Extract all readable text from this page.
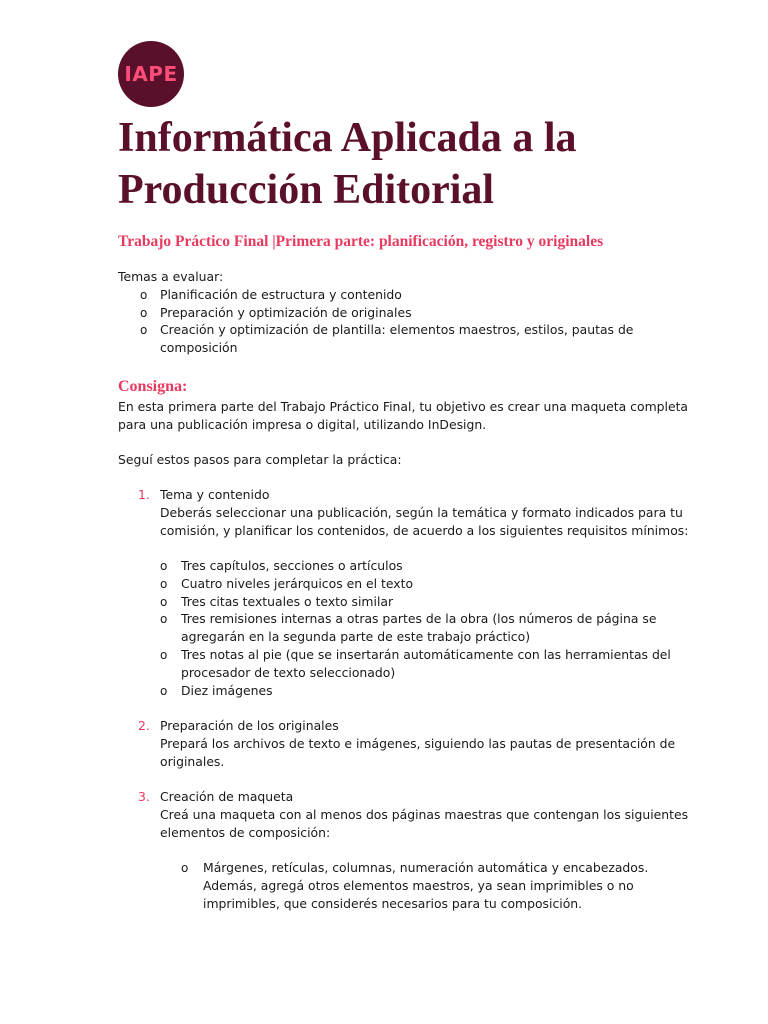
IAPE
Informática Aplicada a la Producción Editorial
Trabajo Práctico Final |Primera parte: planificación, registro y originales
Temas a evaluar:
o Planificación de estructura y contenido
o Preparación y optimización de originales
o Creación y optimización de plantilla: elementos maestros, estilos, pautas de
composición
Consigna:
En esta primera parte del Trabajo Práctico Final, tu objetivo es crear una maqueta completa
para una publicación impresa o digital, utilizando InDesign.
Seguí estos pasos para completar la práctica:
1. Tema y contenido
Deberás seleccionar una publicación, según la temática y formato indicados para tu
comisión, y planificar los contenidos, de acuerdo a los siguientes requisitos mínimos:
o Tres capítulos, secciones o artículos
o Cuatro niveles jerárquicos en el texto
o Tres citas textuales o texto similar
o Tres remisiones internas a otras partes de la obra (los números de página se
agregarán en la segunda parte de este trabajo práctico)
o Tres notas al pie (que se insertarán automáticamente con las herramientas del
procesador de texto seleccionado)
o Diez imágenes
2. Preparación de los originales
Prepará los archivos de texto e imágenes, siguiendo las pautas de presentación de
originales.
3. Creación de maqueta
Creá una maqueta con al menos dos páginas maestras que contengan los siguientes
elementos de composición:
o Márgenes, retículas, columnas, numeración automática y encabezados.
Además, agregá otros elementos maestros, ya sean imprimibles o no
imprimibles, que considerés necesarios para tu composición.
